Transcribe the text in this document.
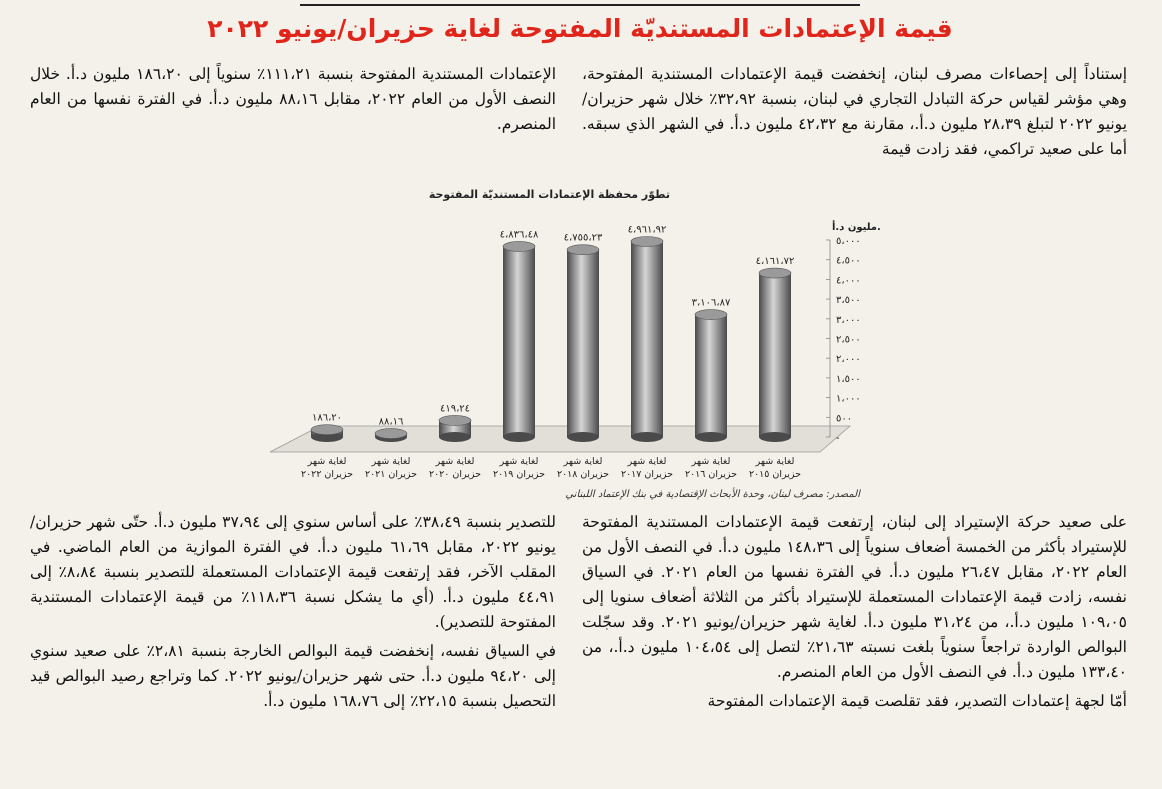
قيمة الإعتمادات المستنديّة المفتوحة لغاية حزيران/يونيو ٢٠٢٢

إستناداً إلى إحصاءات مصرف لبنان، إنخفضت قيمة الإعتمادات المستندية المفتوحة، وهي مؤشر لقياس حركة التبادل التجاري في لبنان، بنسبة ٣٢،٩٢٪ خلال شهر حزيران/يونيو ٢٠٢٢ لتبلغ ٢٨،٣٩ مليون د.أ.، مقارنة مع ٤٢،٣٢ مليون د.أ. في الشهر الذي سبقه. أما على صعيد تراكمي، فقد زادت قيمة

الإعتمادات المستندية المفتوحة بنسبة ١١١،٢١٪ سنوياً إلى ١٨٦،٢٠ مليون د.أ. خلال النصف الأول من العام ٢٠٢٢، مقابل ٨٨،١٦ مليون د.أ. في الفترة نفسها من العام المنصرم.

تطوّر محفظة الإعتمادات المستنديّة المفتوحة
-
٥٠٠
١،٠٠٠
١،٥٠٠
٢،٠٠٠
٢،٥٠٠
٣،٠٠٠
٣،٥٠٠
٤،٠٠٠
٤،٥٠٠
٥،٠٠٠
مليون د.أ.
٤،١٦١،٧٢
لغاية شهر
حزيران ٢٠١٥
٣،١٠٦،٨٧
لغاية شهر
حزيران ٢٠١٦
٤،٩٦١،٩٢
لغاية شهر
حزيران ٢٠١٧
٤،٧٥٥،٢٣
لغاية شهر
حزيران ٢٠١٨
٤،٨٣٦،٤٨
لغاية شهر
حزيران ٢٠١٩
٤١٩،٢٤
لغاية شهر
حزيران ٢٠٢٠
٨٨،١٦
لغاية شهر
حزيران ٢٠٢١
١٨٦،٢٠
لغاية شهر
حزيران ٢٠٢٢
المصدر: مصرف لبنان، وحدة الأبحاث الإقتصادية في بنك الإعتماد اللبناني

على صعيد حركة الإستيراد إلى لبنان، إرتفعت قيمة الإعتمادات المستندية المفتوحة للإستيراد بأكثر من الخمسة أضعاف سنوياً إلى ١٤٨،٣٦ مليون د.أ. في النصف الأول من العام ٢٠٢٢، مقابل ٢٦،٤٧ مليون د.أ. في الفترة نفسها من العام ٢٠٢١. في السياق نفسه، زادت قيمة الإعتمادات المستعملة للإستيراد بأكثر من الثلاثة أضعاف سنويا إلى ١٠٩،٠٥ مليون د.أ.، من ٣١،٢٤ مليون د.أ. لغاية شهر حزيران/يونيو ٢٠٢١. وقد سجّلت البوالص الواردة تراجعاً سنوياً بلغت نسبته ٢١،٦٣٪ لتصل إلى ١٠٤،٥٤ مليون د.أ.، من ١٣٣،٤٠ مليون د.أ. في النصف الأول من العام المنصرم.

أمّا لجهة إعتمادات التصدير، فقد تقلصت قيمة الإعتمادات المفتوحة

للتصدير بنسبة ٣٨،٤٩٪ على أساس سنوي إلى ٣٧،٩٤ مليون د.أ. حتّى شهر حزيران/يونيو ٢٠٢٢، مقابل ٦١،٦٩ مليون د.أ. في الفترة الموازية من العام الماضي. في المقلب الآخر، فقد إرتفعت قيمة الإعتمادات المستعملة للتصدير بنسبة ٨،٨٤٪ إلى ٤٤،٩١ مليون د.أ. (أي ما يشكل نسبة ١١٨،٣٦٪ من قيمة الإعتمادات المستندية المفتوحة للتصدير).

في السياق نفسه، إنخفضت قيمة البوالص الخارجة بنسبة ٢،٨١٪ على صعيد سنوي إلى ٩٤،٢٠ مليون د.أ. حتى شهر حزيران/يونيو ٢٠٢٢. كما وتراجع رصيد البوالص قيد التحصيل بنسبة ٢٢،١٥٪ إلى ١٦٨،٧٦ مليون د.أ.
